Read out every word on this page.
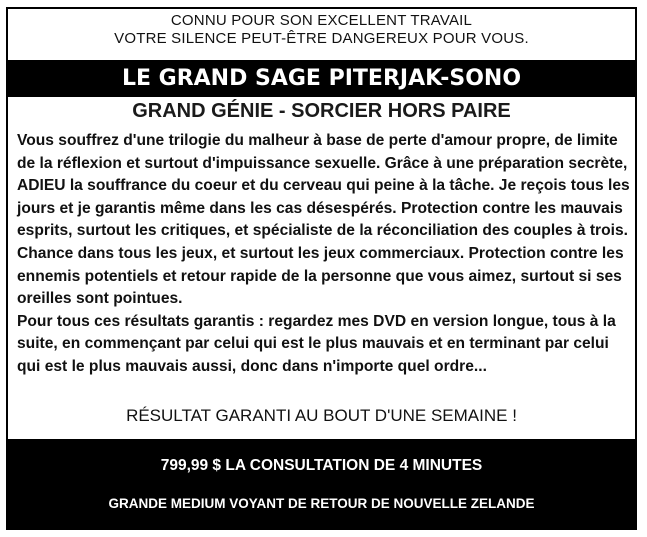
CONNU POUR SON EXCELLENT TRAVAIL
VOTRE SILENCE PEUT-ÊTRE DANGEREUX POUR VOUS.
LE GRAND SAGE PITERJAK-SONO
GRAND GÉNIE - SORCIER HORS PAIRE

Vous souffrez d'une trilogie du malheur à base de perte d'amour propre, de limite de la réflexion et surtout d'impuissance sexuelle. Grâce à une préparation secrète, ADIEU la souffrance du coeur et du cerveau qui peine à la tâche. Je reçois tous les jours et je garantis même dans les cas désespérés. Protection contre les mauvais esprits, surtout les critiques, et spécialiste de la réconciliation des couples à trois. Chance dans tous les jeux, et surtout les jeux commerciaux. Protection contre les ennemis potentiels et retour rapide de la personne que vous aimez, surtout si ses oreilles sont pointues.

Pour tous ces résultats garantis : regardez mes DVD en version longue, tous à la suite, en commençant par celui qui est le plus mauvais et en terminant par celui qui est le plus mauvais aussi, donc dans n'importe quel ordre...

RÉSULTAT GARANTI AU BOUT D'UNE SEMAINE !
799,99 $ LA CONSULTATION DE 4 MINUTES
GRANDE MEDIUM VOYANT DE RETOUR DE NOUVELLE ZELANDE
